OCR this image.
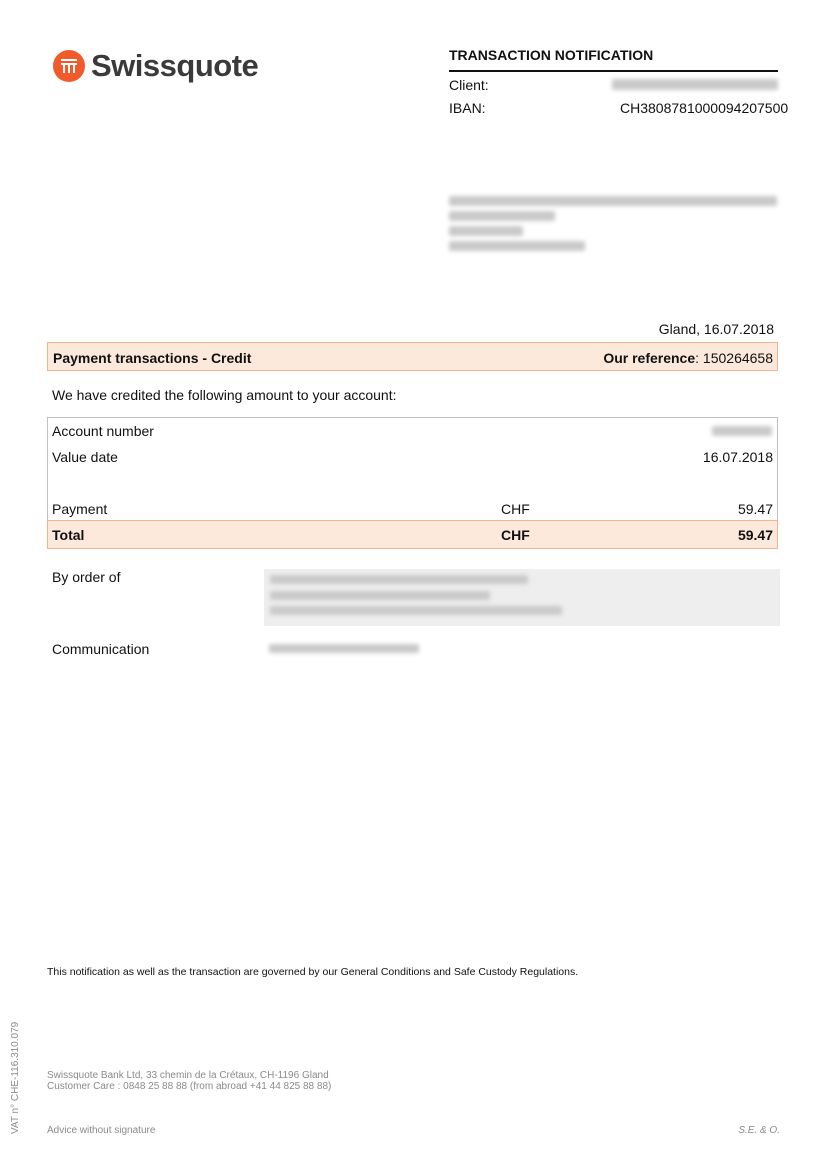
Swissquote	TRANSACTION NOTIFICATION
Client:
IBAN:	CH3808781000094207500
Gland, 16.07.2018
Payment transactions - Credit	Our reference: 150264658
We have credited the following amount to your account:
Account number
Value date	16.07.2018
Payment	CHF	59.47
Total	CHF	59.47
By order of
Communication
This notification as well as the transaction are governed by our General Conditions and Safe Custody Regulations.
VAT n° CHE-116.310.079	Swissquote Bank Ltd, 33 chemin de la Crétaux, CH-1196 Gland
Customer Care : 0848 25 88 88 (from abroad +41 44 825 88 88)
Advice without signature	S.E. & O.
